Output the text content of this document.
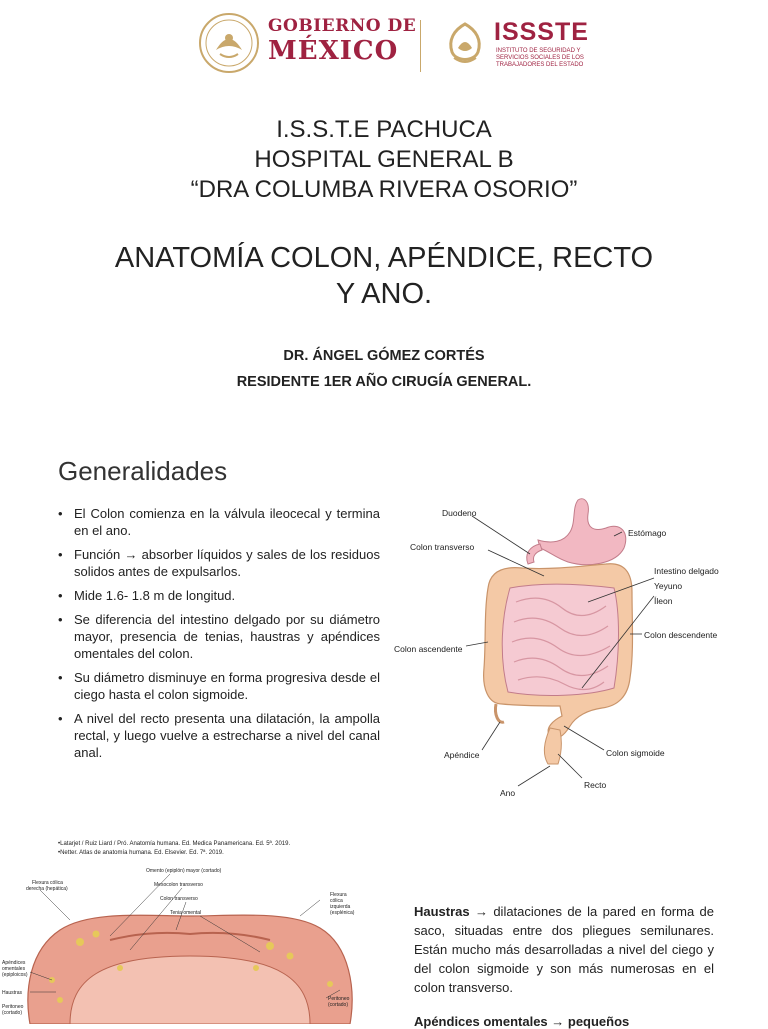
GOBIERNO DE
MÉXICO
ISSSTE
INSTITUTO DE SEGURIDAD Y SERVICIOS SOCIALES DE LOS TRABAJADORES DEL ESTADO
I.S.S.T.E PACHUCA
HOSPITAL GENERAL B
“DRA COLUMBA RIVERA OSORIO”
ANATOMÍA COLON, APÉNDICE, RECTO
Y ANO.
DR. ÁNGEL GÓMEZ CORTÉS
RESIDENTE 1ER AÑO CIRUGÍA GENERAL.
Generalidades
• El Colon comienza en la válvula ileocecal y termina en el ano.
• Función → absorber líquidos y sales de los residuos solidos antes de expulsarlos.
• Mide 1.6- 1.8 m de longitud.
• Se diferencia del intestino delgado por su diámetro mayor, presencia de tenias, haustras y apéndices omentales del colon.
• Su diámetro disminuye en forma progresiva desde el ciego hasta el colon sigmoide.
• A nivel del recto presenta una dilatación, la ampolla rectal, y luego vuelve a estrecharse a nivel del canal anal.
Duodeno
Estómago
Colon transverso
Intestino delgado
Yeyuno
Íleon
Colon descendente
Colon ascendente
Apéndice	Colon sigmoide
Recto
Ano
•Latarjet / Ruiz Liard / Pró. Anatomía humana. Ed. Medica Panamericana. Ed. 5ª. 2019.
•Netter. Atlas de anatomía humana. Ed. Elsevier. Ed. 7ª. 2019.
Omento (epiplón) mayor (cortado)
Mesocolon transverso
Colon transverso
Tenia omental
Flexura cólica
derecha (hepática)
Flexura
cólica
izquierda
(esplénica)
Apéndices
omentales
(epiploicos)
Haustras
Peritoneo
(cortado)
Peritoneo
(cortado)
Haustras → dilataciones de la pared en forma de saco, situadas entre dos pliegues semilunares. Están mucho más desarrolladas a nivel del ciego y del colon sigmoide y son más numerosas en el colon transverso.
Apéndices omentales → pequeños
